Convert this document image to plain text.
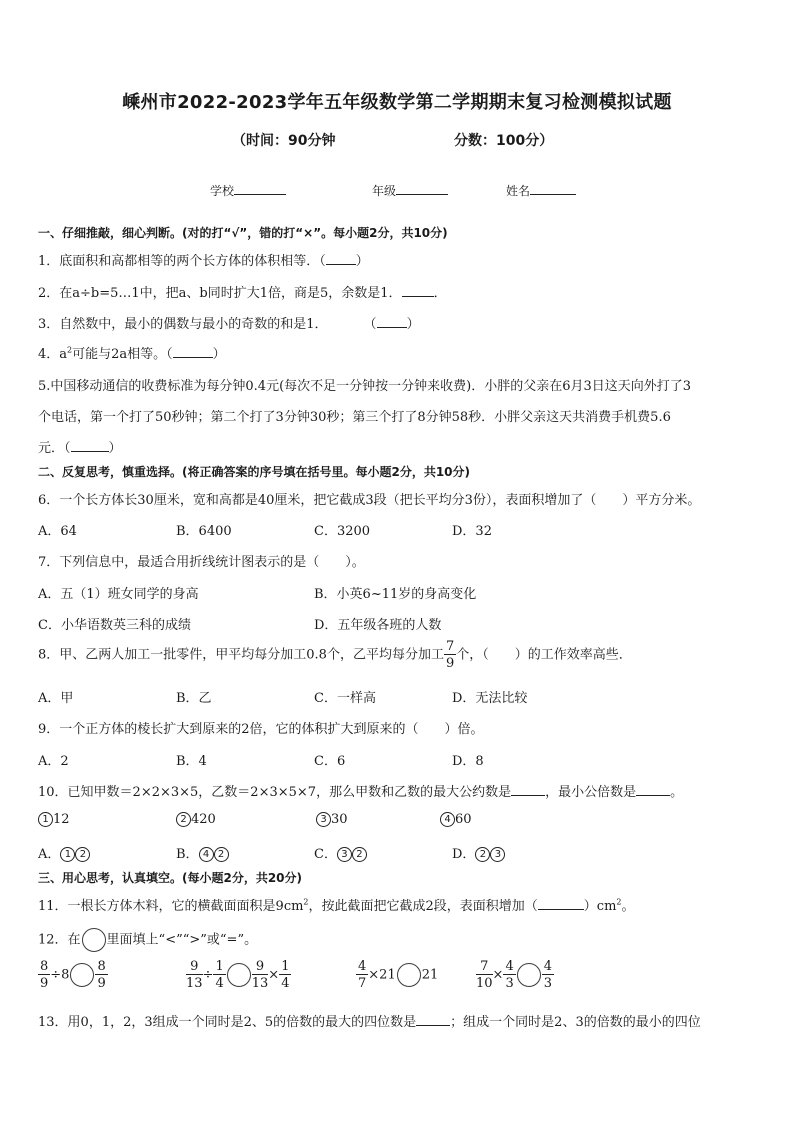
嵊州市2022-2023学年五年级数学第二学期期末复习检测模拟试题
（时间：90分钟	分数：100分）
学校	年级	姓名
一、仔细推敲，细心判断。(对的打“√”，错的打“×”。每小题2分，共10分)
1．底面积和高都相等的两个长方体的体积相等．（ ）
2．在a÷b=5…1中，把a、b同时扩大1倍，商是5，余数是1． ．
3．自然数中，最小的偶数与最小的奇数的和是1．	（ ）
4．$a^2$可能与2a相等。（	）
5.中国移动通信的收费标准为每分钟0.4元(每次不足一分钟按一分钟来收费)．小胖的父亲在6月3日这天向外打了3
个电话，第一个打了50秒钟；第二个打了3分钟30秒；第三个打了8分钟58秒．小胖父亲这天共消费手机费5.6
元．（	）
二、反复思考，慎重选择。(将正确答案的序号填在括号里。每小题2分，共10分)
6．一个长方体长30厘米，宽和高都是40厘米，把它截成3段（把长平均分3份），表面积增加了（　　）平方分米。
A．64	B．6400	C．3200	D．32
7．下列信息中，最适合用折线统计图表示的是（　　）。
A．五（1）班女同学的身高	B．小英6~11岁的身高变化
C．小华语数英三科的成绩	D．五年级各班的人数
8．甲、乙两人加工一批零件，甲平均每分加工0.8个，乙平均每分加工 $\frac{7}{9}$ 个，（　　）的工作效率高些．
A．甲	B．乙	C．一样高	D．无法比较
9．一个正方体的棱长扩大到原来的2倍，它的体积扩大到原来的（　　）倍。
A．2	B．4	C．6	D．8
10．已知甲数＝2×2×3×5，乙数＝2×3×5×7，那么甲数和乙数的最大公约数是	，最小公倍数是	。
1 12	2 420	3 30	4 60
A． 1 2	B． 4 2	C． 3 2	D． 2 3
三、用心思考，认真填空。(每小题2分，共20分)
11．一根长方体木料，它的横截面面积是$9cm^2$，按此截面把它截成2段，表面积增加（	）$cm^2$。
12．在 里面填上“<”“>”或“=”。
$\frac{8}{9} \div 8 \frac{8}{9}$	$\frac{9}{13} \div \frac{1}{4} \frac{9}{13} \times \frac{1}{4}$	$\frac{4}{7} \times 21$ 21	$\frac{7}{10} \times \frac{4}{3} \frac{4}{3}$
13．用0，1，2，3组成一个同时是2、5的倍数的最大的四位数是	；组成一个同时是2、3的倍数的最小的四位
